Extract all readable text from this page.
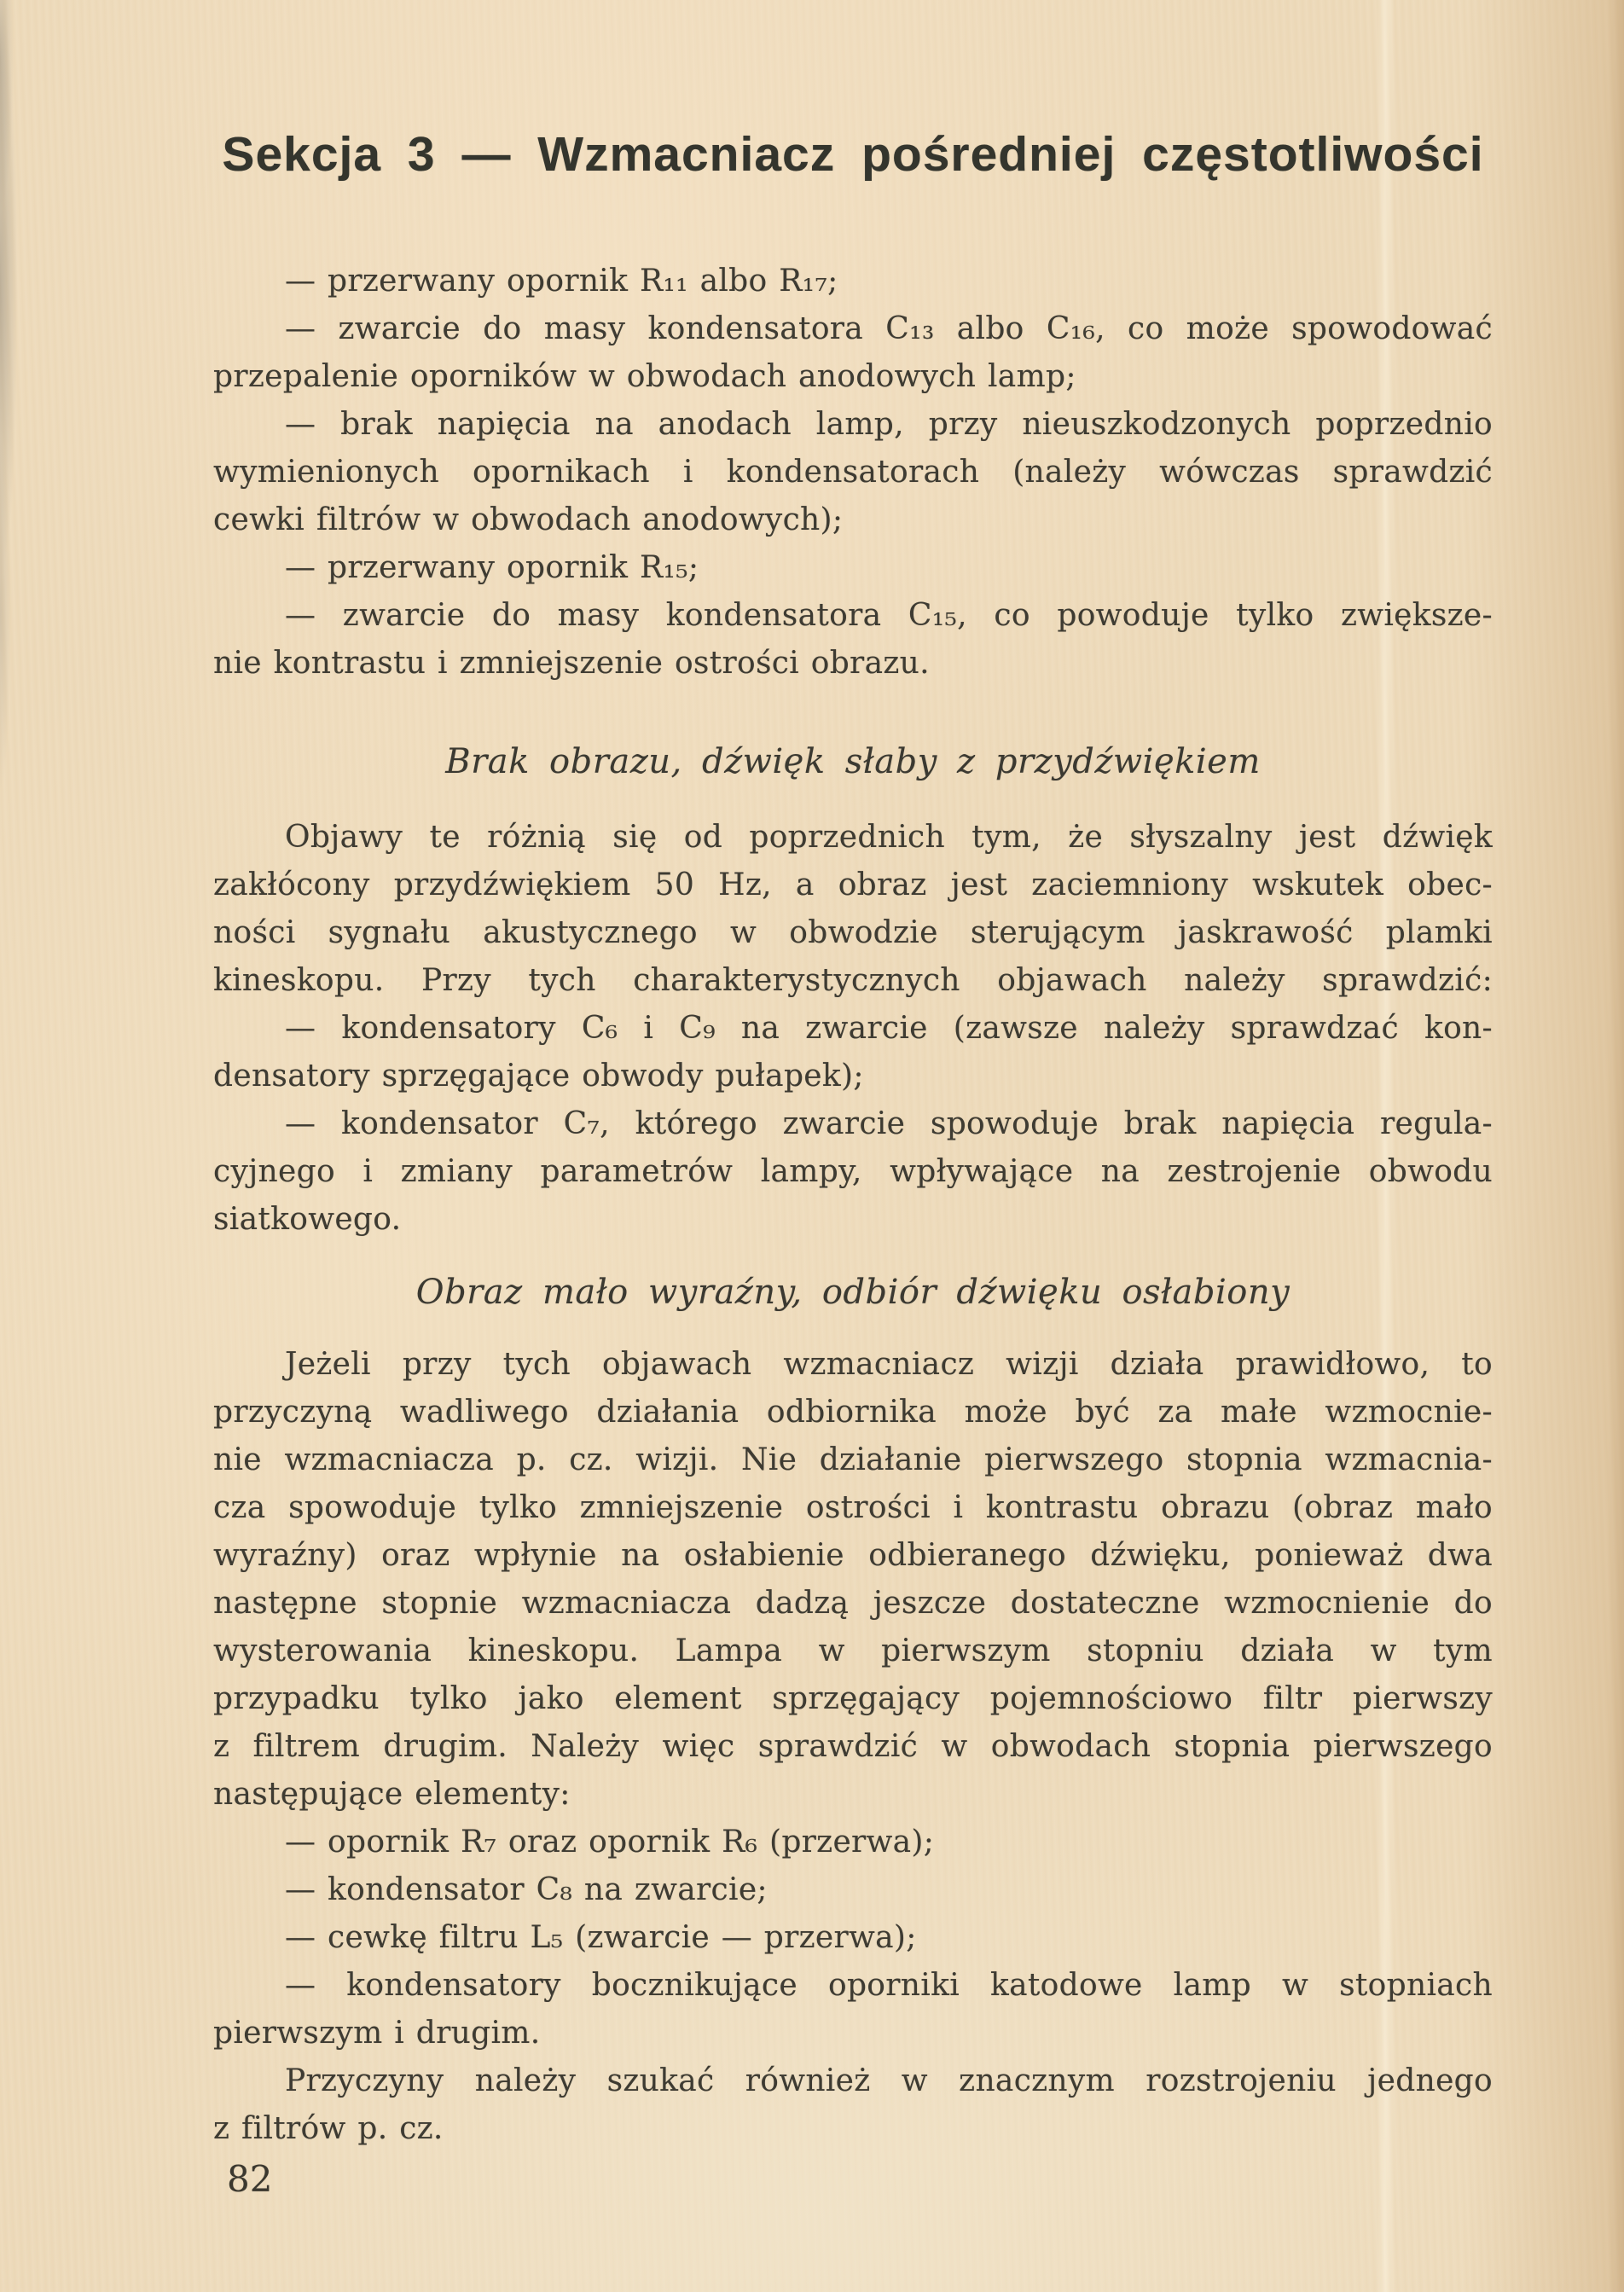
Sekcja 3 — Wzmacniacz pośredniej częstotliwości
— przerwany opornik R₁₁ albo R₁₇;
— zwarcie do masy kondensatora C₁₃ albo C₁₆, co może spowodować
przepalenie oporników w obwodach anodowych lamp;
— brak napięcia na anodach lamp, przy nieuszkodzonych poprzednio
wymienionych opornikach i kondensatorach (należy wówczas sprawdzić
cewki filtrów w obwodach anodowych);
— przerwany opornik R₁₅;
— zwarcie do masy kondensatora C₁₅, co powoduje tylko zwiększe-
nie kontrastu i zmniejszenie ostrości obrazu.
Brak obrazu, dźwięk słaby z przydźwiękiem
Objawy te różnią się od poprzednich tym, że słyszalny jest dźwięk
zakłócony przydźwiękiem 50 Hz, a obraz jest zaciemniony wskutek obec-
ności sygnału akustycznego w obwodzie sterującym jaskrawość plamki
kineskopu. Przy tych charakterystycznych objawach należy sprawdzić:
— kondensatory C₆ i C₉ na zwarcie (zawsze należy sprawdzać kon-
densatory sprzęgające obwody pułapek);
— kondensator C₇, którego zwarcie spowoduje brak napięcia regula-
cyjnego i zmiany parametrów lampy, wpływające na zestrojenie obwodu
siatkowego.
Obraz mało wyraźny, odbiór dźwięku osłabiony
Jeżeli przy tych objawach wzmacniacz wizji działa prawidłowo, to
przyczyną wadliwego działania odbiornika może być za małe wzmocnie-
nie wzmacniacza p. cz. wizji. Nie działanie pierwszego stopnia wzmacnia-
cza spowoduje tylko zmniejszenie ostrości i kontrastu obrazu (obraz mało
wyraźny) oraz wpłynie na osłabienie odbieranego dźwięku, ponieważ dwa
następne stopnie wzmacniacza dadzą jeszcze dostateczne wzmocnienie do
wysterowania kineskopu. Lampa w pierwszym stopniu działa w tym
przypadku tylko jako element sprzęgający pojemnościowo filtr pierwszy
z filtrem drugim. Należy więc sprawdzić w obwodach stopnia pierwszego
następujące elementy:
— opornik R₇ oraz opornik R₆ (przerwa);
— kondensator C₈ na zwarcie;
— cewkę filtru L₅ (zwarcie — przerwa);
— kondensatory bocznikujące oporniki katodowe lamp w stopniach
pierwszym i drugim.
Przyczyny należy szukać również w znacznym rozstrojeniu jednego
z filtrów p. cz.
82
